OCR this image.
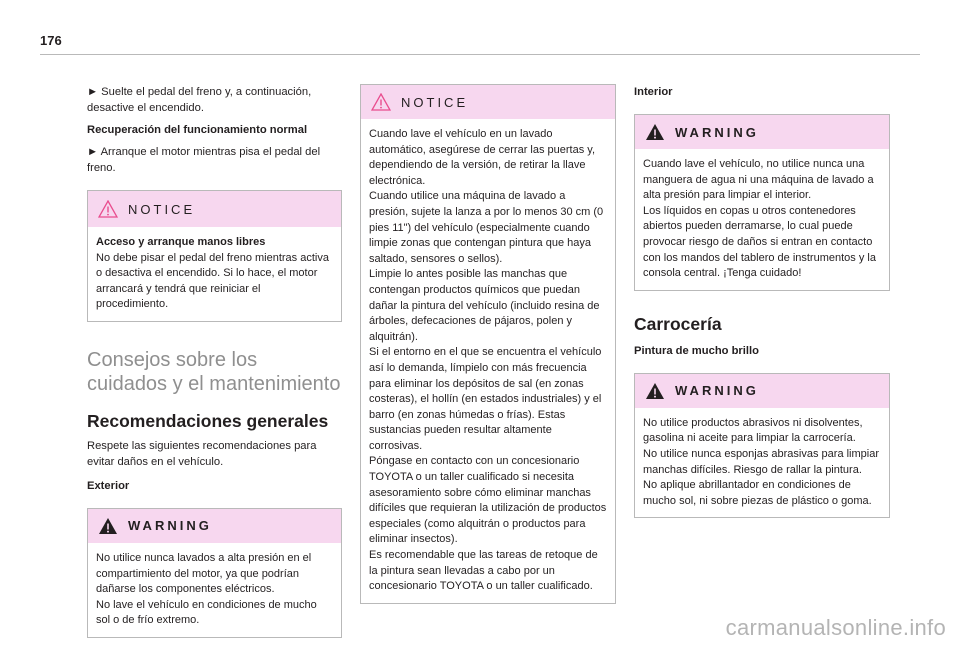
176

► Suelte el pedal del freno y, a continuación, desactive el encendido.

Recuperación del funcionamiento normal

► Arranque el motor mientras pisa el pedal del freno.

NOTICE

Acceso y arranque manos libres

No debe pisar el pedal del freno mientras activa o desactiva el encendido. Si lo hace, el motor arrancará y tendrá que reiniciar el procedimiento.

Consejos sobre los cuidados y el mantenimiento
Recomendaciones generales

Respete las siguientes recomendaciones para evitar daños en el vehículo.

Exterior

WARNING

No utilice nunca lavados a alta presión en el compartimiento del motor, ya que podrían dañarse los componentes eléctricos.

No lave el vehículo en condiciones de mucho sol o de frío extremo.

NOTICE

Cuando lave el vehículo en un lavado automático, asegúrese de cerrar las puertas y, dependiendo de la versión, de retirar la llave electrónica.

Cuando utilice una máquina de lavado a presión, sujete la lanza a por lo menos 30 cm (0 pies 11") del vehículo (especialmente cuando limpie zonas que contengan pintura que haya saltado, sensores o sellos).

Limpie lo antes posible las manchas que contengan productos químicos que puedan dañar la pintura del vehículo (incluido resina de árboles, defecaciones de pájaros, polen y alquitrán).

Si el entorno en el que se encuentra el vehículo así lo demanda, límpielo con más frecuencia para eliminar los depósitos de sal (en zonas costeras), el hollín (en estados industriales) y el barro (en zonas húmedas o frías). Estas sustancias pueden resultar altamente corrosivas.

Póngase en contacto con un concesionario TOYOTA o un taller cualificado si necesita asesoramiento sobre cómo eliminar manchas difíciles que requieran la utilización de productos especiales (como alquitrán o productos para eliminar insectos).

Es recomendable que las tareas de retoque de la pintura sean llevadas a cabo por un concesionario TOYOTA o un taller cualificado.

Interior

WARNING

Cuando lave el vehículo, no utilice nunca una manguera de agua ni una máquina de lavado a alta presión para limpiar el interior.

Los líquidos en copas u otros contenedores abiertos pueden derramarse, lo cual puede provocar riesgo de daños si entran en contacto con los mandos del tablero de instrumentos y la consola central. ¡Tenga cuidado!

Carrocería

Pintura de mucho brillo

WARNING

No utilice productos abrasivos ni disolventes, gasolina ni aceite para limpiar la carrocería.

No utilice nunca esponjas abrasivas para limpiar manchas difíciles. Riesgo de rallar la pintura.

No aplique abrillantador en condiciones de mucho sol, ni sobre piezas de plástico o goma.

carmanualsonline.info
